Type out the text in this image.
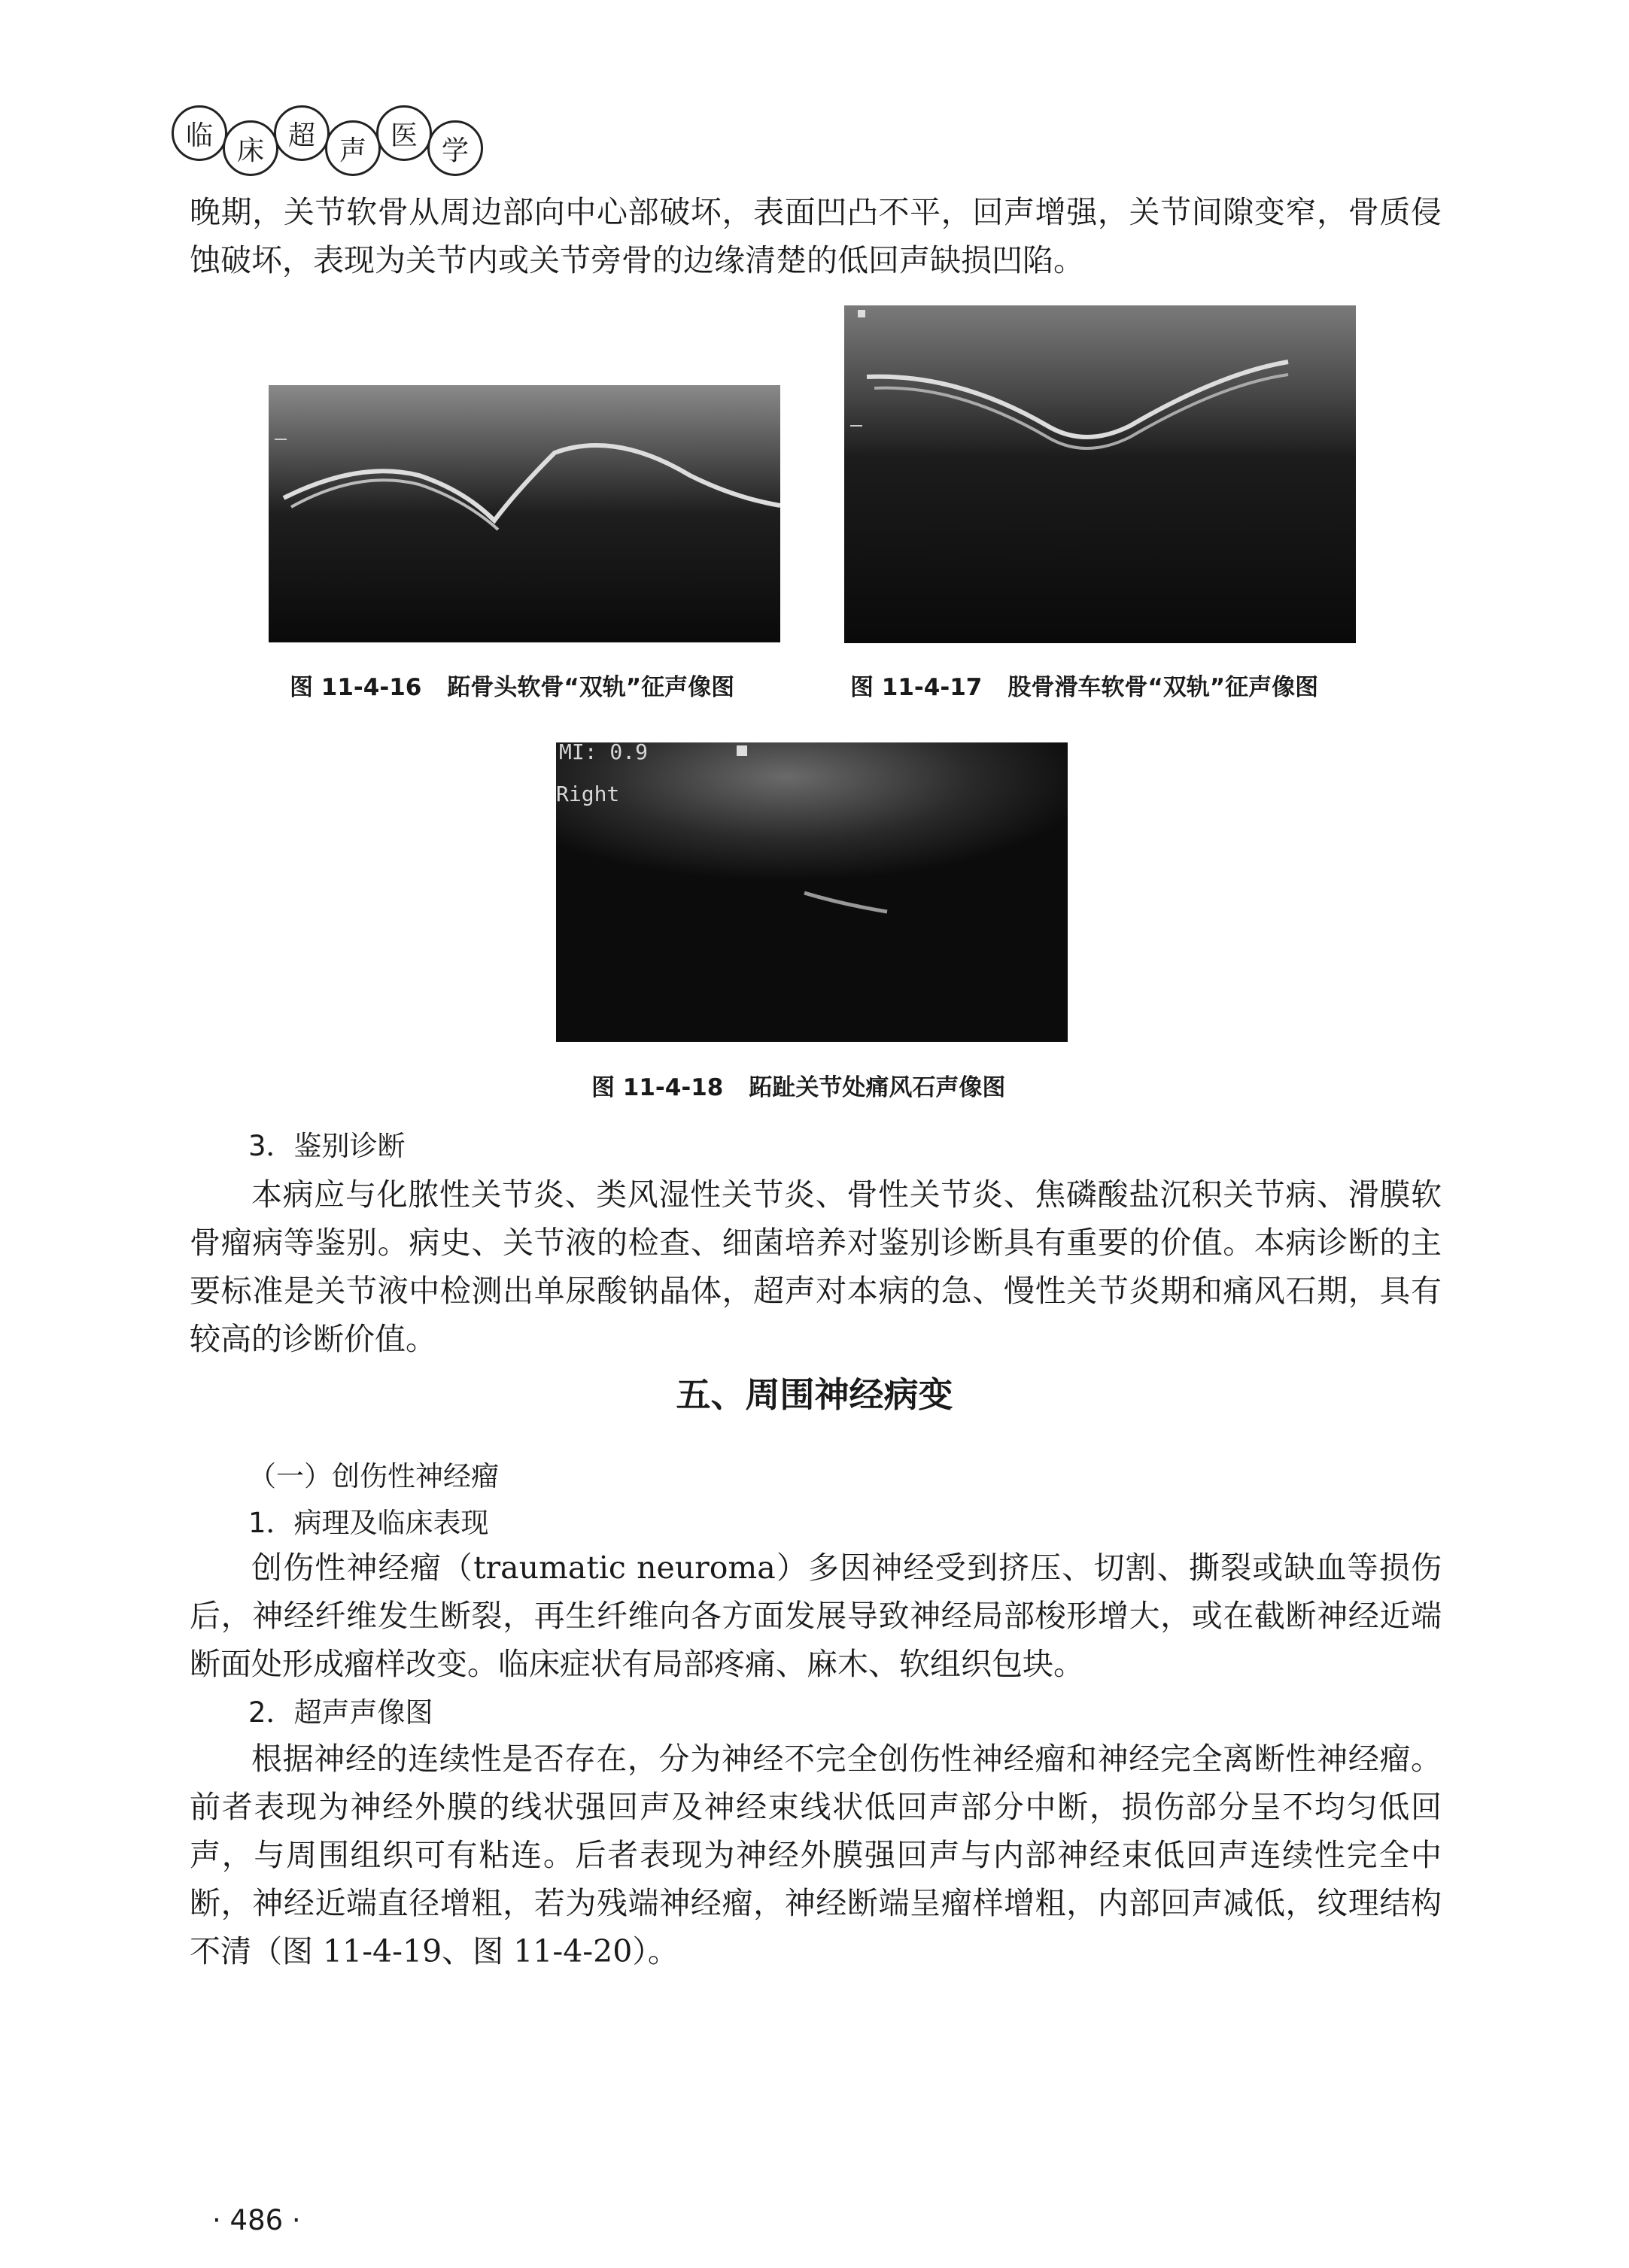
临 床 超 声 医 学
晚期，关节软骨从周边部向中心部破坏，表面凹凸不平，回声增强，关节间隙变窄，骨质侵蚀破坏，表现为关节内或关节旁骨的边缘清楚的低回声缺损凹陷。
图 11-4-16 跖骨头软骨“双轨”征声像图	图 11-4-17 股骨滑车软骨“双轨”征声像图
MI: 0.9
Right
图 11-4-18 跖趾关节处痛风石声像图
3．鉴别诊断
本病应与化脓性关节炎、类风湿性关节炎、骨性关节炎、焦磷酸盐沉积关节病、滑膜软骨瘤病等鉴别。病史、关节液的检查、细菌培养对鉴别诊断具有重要的价值。本病诊断的主要标准是关节液中检测出单尿酸钠晶体，超声对本病的急、慢性关节炎期和痛风石期，具有较高的诊断价值。
五、周围神经病变
（一）创伤性神经瘤
1．病理及临床表现
创伤性神经瘤（traumatic neuroma）多因神经受到挤压、切割、撕裂或缺血等损伤后，神经纤维发生断裂，再生纤维向各方面发展导致神经局部梭形增大，或在截断神经近端断面处形成瘤样改变。临床症状有局部疼痛、麻木、软组织包块。
2．超声声像图
根据神经的连续性是否存在，分为神经不完全创伤性神经瘤和神经完全离断性神经瘤。前者表现为神经外膜的线状强回声及神经束线状低回声部分中断，损伤部分呈不均匀低回声，与周围组织可有粘连。后者表现为神经外膜强回声与内部神经束低回声连续性完全中断，神经近端直径增粗，若为残端神经瘤，神经断端呈瘤样增粗，内部回声减低，纹理结构不清（图 11-4-19、图 11-4-20）。
· 486 ·
